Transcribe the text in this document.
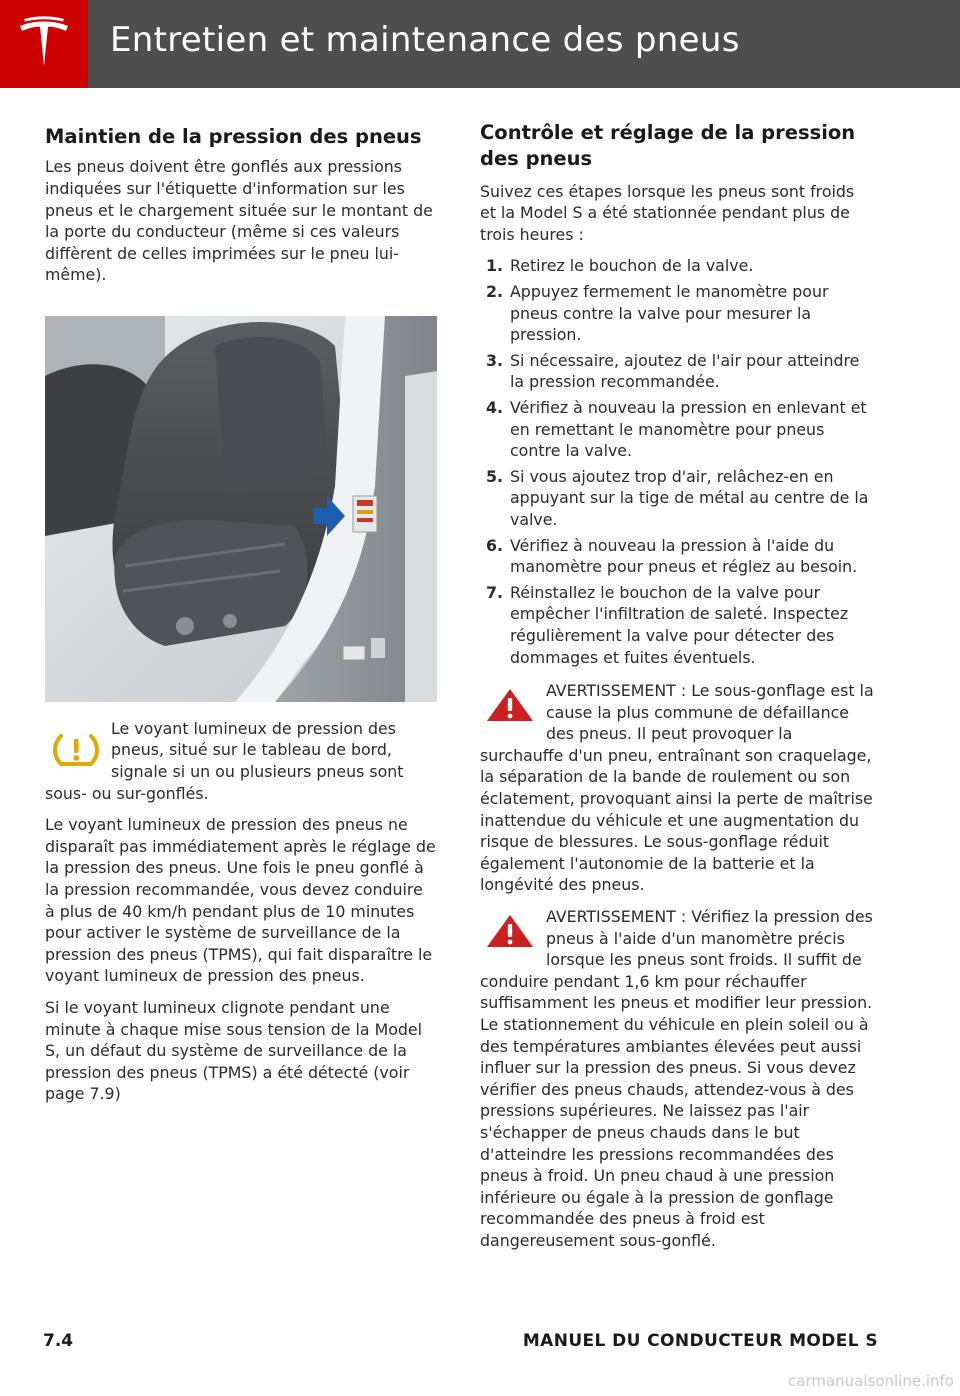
Entretien et maintenance des pneus
Maintien de la pression des pneus

Les pneus doivent être gonflés aux pressions indiquées sur l'étiquette d'information sur les pneus et le chargement située sur le montant de la porte du conducteur (même si ces valeurs diffèrent de celles imprimées sur le pneu lui-même).

Le voyant lumineux de pression des pneus, situé sur le tableau de bord, signale si un ou plusieurs pneus sont sous- ou sur-gonflés.

Le voyant lumineux de pression des pneus ne disparaît pas immédiatement après le réglage de la pression des pneus. Une fois le pneu gonflé à la pression recommandée, vous devez conduire à plus de 40 km/h pendant plus de 10 minutes pour activer le système de surveillance de la pression des pneus (TPMS), qui fait disparaître le voyant lumineux de pression des pneus.

Si le voyant lumineux clignote pendant une minute à chaque mise sous tension de la Model S, un défaut du système de surveillance de la pression des pneus (TPMS) a été détecté (voir page 7.9)

Contrôle et réglage de la pression des pneus

Suivez ces étapes lorsque les pneus sont froids et la Model S a été stationnée pendant plus de trois heures :

1. Retirez le bouchon de la valve.
2. Appuyez fermement le manomètre pour pneus contre la valve pour mesurer la pression.
3. Si nécessaire, ajoutez de l'air pour atteindre la pression recommandée.
4. Vérifiez à nouveau la pression en enlevant et en remettant le manomètre pour pneus contre la valve.
5. Si vous ajoutez trop d'air, relâchez-en en appuyant sur la tige de métal au centre de la valve.
6. Vérifiez à nouveau la pression à l'aide du manomètre pour pneus et réglez au besoin.
7. Réinstallez le bouchon de la valve pour empêcher l'infiltration de saleté. Inspectez régulièrement la valve pour détecter des dommages et fuites éventuels.

AVERTISSEMENT : Le sous-gonflage est la cause la plus commune de défaillance des pneus. Il peut provoquer la surchauffe d'un pneu, entraînant son craquelage, la séparation de la bande de roulement ou son éclatement, provoquant ainsi la perte de maîtrise inattendue du véhicule et une augmentation du risque de blessures. Le sous-gonflage réduit également l'autonomie de la batterie et la longévité des pneus.

AVERTISSEMENT : Vérifiez la pression des pneus à l'aide d'un manomètre précis lorsque les pneus sont froids. Il suffit de conduire pendant 1,6 km pour réchauffer suffisamment les pneus et modifier leur pression. Le stationnement du véhicule en plein soleil ou à des températures ambiantes élevées peut aussi influer sur la pression des pneus. Si vous devez vérifier des pneus chauds, attendez-vous à des pressions supérieures. Ne laissez pas l'air s'échapper de pneus chauds dans le but d'atteindre les pressions recommandées des pneus à froid. Un pneu chaud à une pression inférieure ou égale à la pression de gonflage recommandée des pneus à froid est dangereusement sous-gonflé.

7.4	MANUEL DU CONDUCTEUR MODEL S
carmanualsonline.info
